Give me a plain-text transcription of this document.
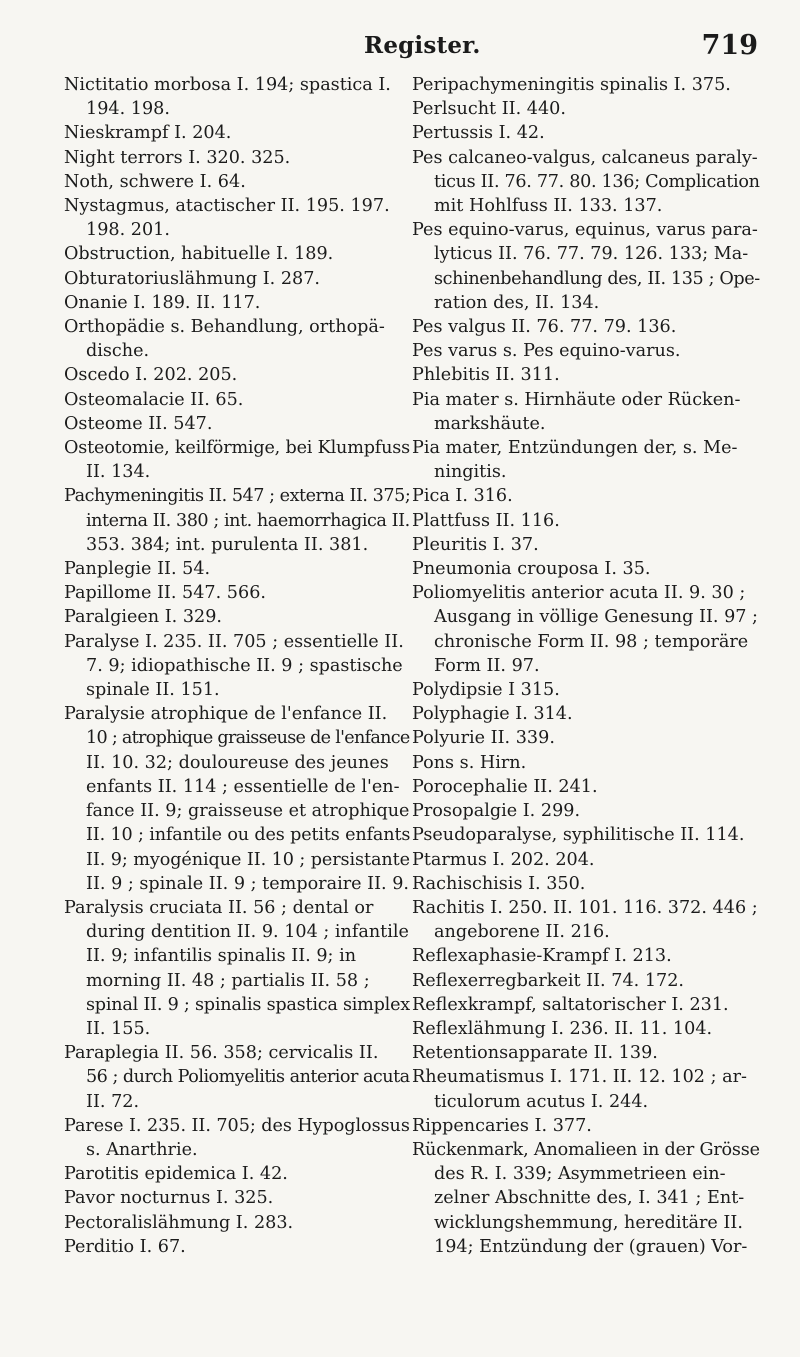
Register.	719
Nictitatio morbosa I. 194; spastica I.
194. 198.
Nieskrampf I. 204.
Night terrors I. 320. 325.
Noth, schwere I. 64.
Nystagmus, atactischer II. 195. 197.
198. 201.
Obstruction, habituelle I. 189.
Obturatoriuslähmung I. 287.
Onanie I. 189. II. 117.
Orthopädie s. Behandlung, orthopä-
dische.
Oscedo I. 202. 205.
Osteomalacie II. 65.
Osteome II. 547.
Osteotomie, keilförmige, bei Klumpfuss
II. 134.
Pachymeningitis II. 547 ; externa II. 375;
interna II. 380 ; int. haemorrhagica II.
353. 384; int. purulenta II. 381.
Panplegie II. 54.
Papillome II. 547. 566.
Paralgieen I. 329.
Paralyse I. 235. II. 705 ; essentielle II.
7. 9; idiopathische II. 9 ; spastische
spinale II. 151.
Paralysie atrophique de l'enfance II.
10 ; atrophique graisseuse de l'enfance
II. 10. 32; douloureuse des jeunes
enfants II. 114 ; essentielle de l'en-
fance II. 9; graisseuse et atrophique
II. 10 ; infantile ou des petits enfants
II. 9; myogénique II. 10 ; persistante
II. 9 ; spinale II. 9 ; temporaire II. 9.
Paralysis cruciata II. 56 ; dental or
during dentition II. 9. 104 ; infantile
II. 9; infantilis spinalis II. 9; in
morning II. 48 ; partialis II. 58 ;
spinal II. 9 ; spinalis spastica simplex
II. 155.
Paraplegia II. 56. 358; cervicalis II.
56 ; durch Poliomyelitis anterior acuta
II. 72.
Parese I. 235. II. 705; des Hypoglossus
s. Anarthrie.
Parotitis epidemica I. 42.
Pavor nocturnus I. 325.
Pectoralislähmung I. 283.
Perditio I. 67.
Peripachymeningitis spinalis I. 375.
Perlsucht II. 440.
Pertussis I. 42.
Pes calcaneo-valgus, calcaneus paraly-
ticus II. 76. 77. 80. 136; Complication
mit Hohlfuss II. 133. 137.
Pes equino-varus, equinus, varus para-
lyticus II. 76. 77. 79. 126. 133; Ma-
schinenbehandlung des, II. 135 ; Ope-
ration des, II. 134.
Pes valgus II. 76. 77. 79. 136.
Pes varus s. Pes equino-varus.
Phlebitis II. 311.
Pia mater s. Hirnhäute oder Rücken-
markshäute.
Pia mater, Entzündungen der, s. Me-
ningitis.
Pica I. 316.
Plattfuss II. 116.
Pleuritis I. 37.
Pneumonia crouposa I. 35.
Poliomyelitis anterior acuta II. 9. 30 ;
Ausgang in völlige Genesung II. 97 ;
chronische Form II. 98 ; temporäre
Form II. 97.
Polydipsie I 315.
Polyphagie I. 314.
Polyurie II. 339.
Pons s. Hirn.
Porocephalie II. 241.
Prosopalgie I. 299.
Pseudoparalyse, syphilitische II. 114.
Ptarmus I. 202. 204.
Rachischisis I. 350.
Rachitis I. 250. II. 101. 116. 372. 446 ;
angeborene II. 216.
Reflexaphasie-Krampf I. 213.
Reflexerregbarkeit II. 74. 172.
Reflexkrampf, saltatorischer I. 231.
Reflexlähmung I. 236. II. 11. 104.
Retentionsapparate II. 139.
Rheumatismus I. 171. II. 12. 102 ; ar-
ticulorum acutus I. 244.
Rippencaries I. 377.
Rückenmark, Anomalieen in der Grösse
des R. I. 339; Asymmetrieen ein-
zelner Abschnitte des, I. 341 ; Ent-
wicklungshemmung, hereditäre II.
194; Entzündung der (grauen) Vor-
